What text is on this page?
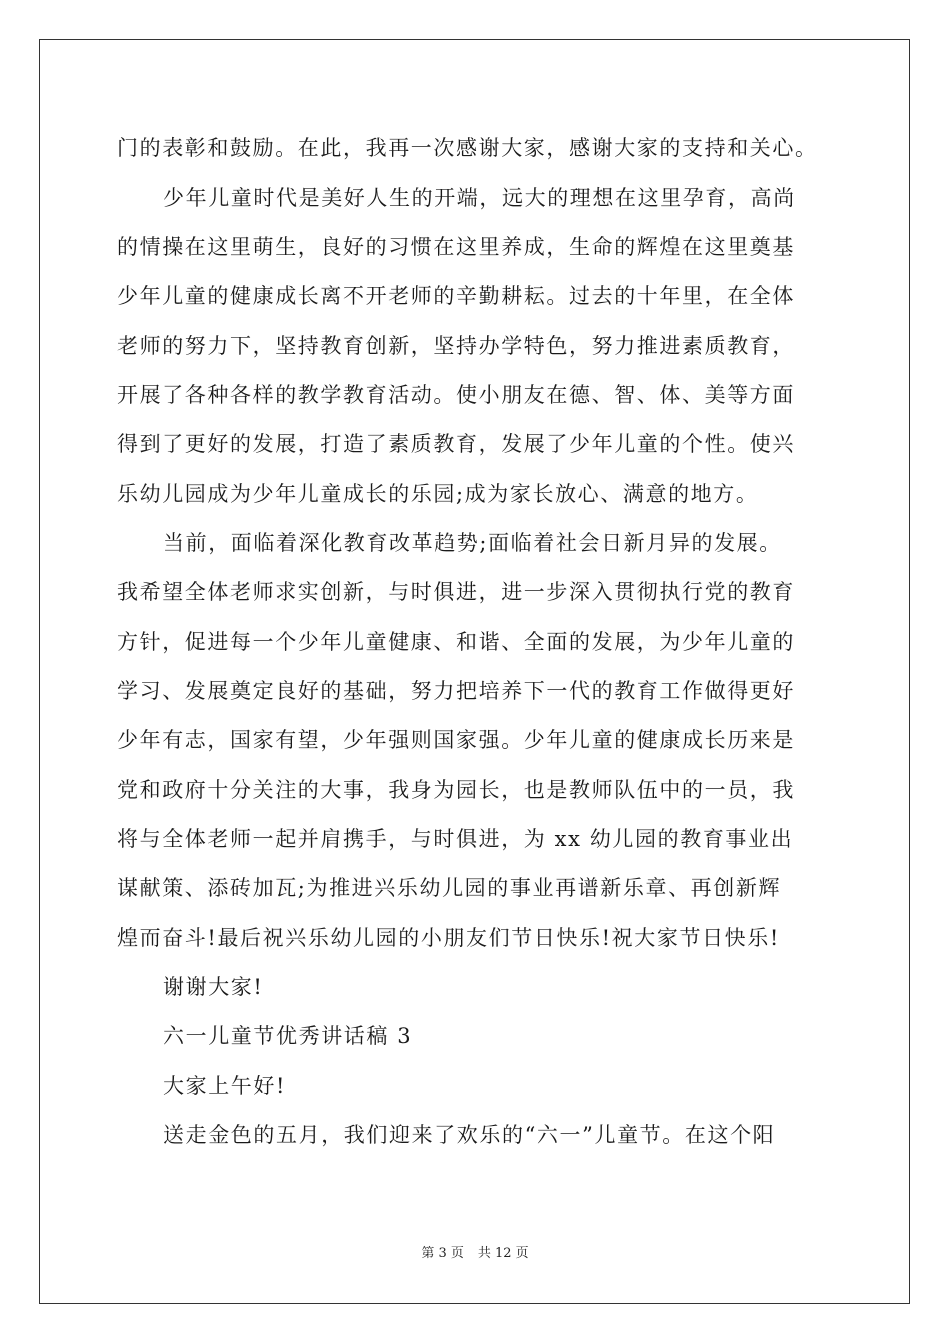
门的表彰和鼓励。在此，我再一次感谢大家，感谢大家的支持和关心。
少年儿童时代是美好人生的开端，远大的理想在这里孕育，高尚
的情操在这里萌生，良好的习惯在这里养成，生命的辉煌在这里奠基
少年儿童的健康成长离不开老师的辛勤耕耘。过去的十年里，在全体
老师的努力下，坚持教育创新，坚持办学特色，努力推进素质教育，
开展了各种各样的教学教育活动。使小朋友在德、智、体、美等方面
得到了更好的发展，打造了素质教育，发展了少年儿童的个性。使兴
乐幼儿园成为少年儿童成长的乐园;成为家长放心、满意的地方。
当前，面临着深化教育改革趋势;面临着社会日新月异的发展。
我希望全体老师求实创新，与时俱进，进一步深入贯彻执行党的教育
方针，促进每一个少年儿童健康、和谐、全面的发展，为少年儿童的
学习、发展奠定良好的基础，努力把培养下一代的教育工作做得更好
少年有志，国家有望，少年强则国家强。少年儿童的健康成长历来是
党和政府十分关注的大事，我身为园长，也是教师队伍中的一员，我
将与全体老师一起并肩携手，与时俱进，为 xx 幼儿园的教育事业出
谋献策、添砖加瓦;为推进兴乐幼儿园的事业再谱新乐章、再创新辉
煌而奋斗!最后祝兴乐幼儿园的小朋友们节日快乐!祝大家节日快乐!
谢谢大家!
六一儿童节优秀讲话稿 3
大家上午好!
送走金色的五月，我们迎来了欢乐的“六一”儿童节。在这个阳
第 3 页 共 12 页
